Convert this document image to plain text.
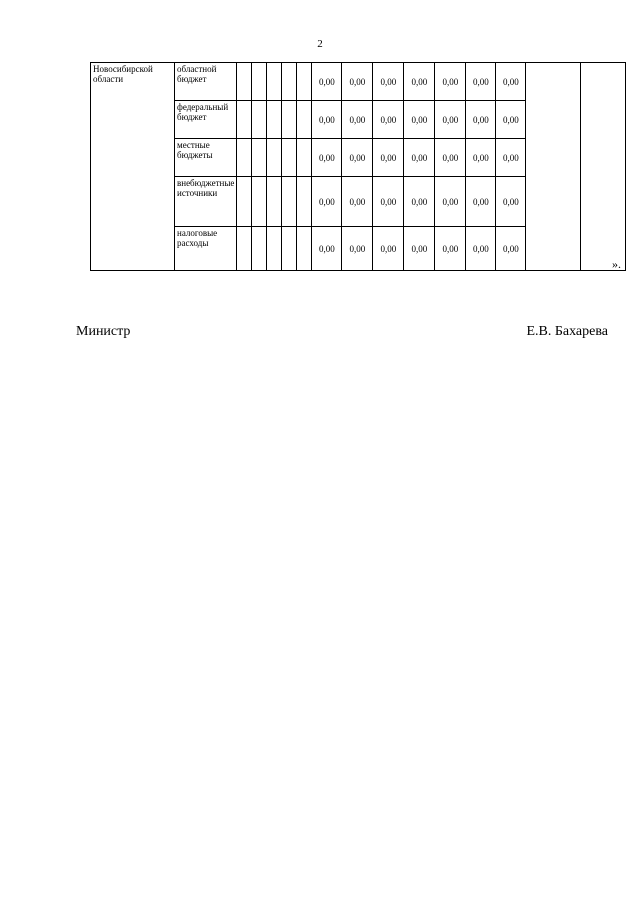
2
Новосибирской области	областной бюджет						0,00	0,00	0,00	0,00	0,00	0,00	0,00		
	федеральный бюджет						0,00	0,00	0,00	0,00	0,00	0,00	0,00		
	местные бюджеты						0,00	0,00	0,00	0,00	0,00	0,00	0,00		
	внебюджетные источники						0,00	0,00	0,00	0,00	0,00	0,00	0,00		
	налоговые расходы						0,00	0,00	0,00	0,00	0,00	0,00	0,00		
».
Министр	Е.В. Бахарева
